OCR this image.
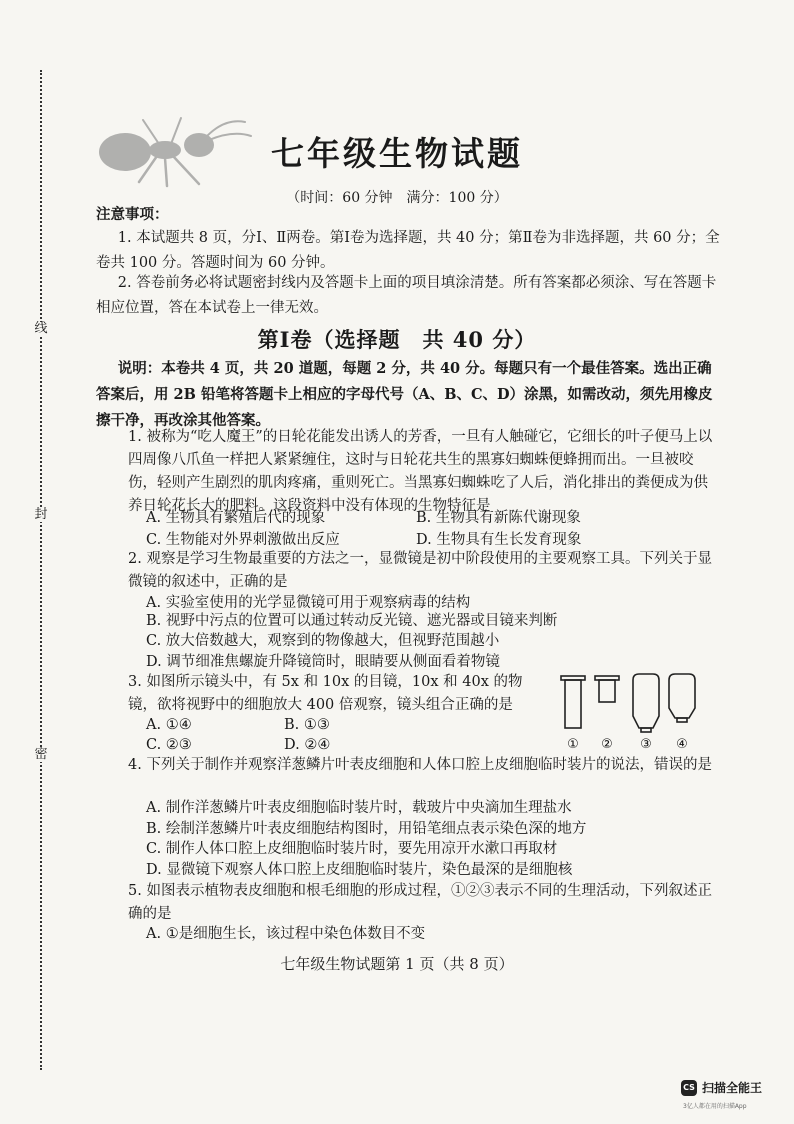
线
封
密
七年级生物试题
（时间：60 分钟　满分：100 分）

注意事项：

1. 本试题共 8 页，分Ⅰ、Ⅱ两卷。第Ⅰ卷为选择题，共 40 分；第Ⅱ卷为非选择题，共 60 分；全卷共 100 分。答题时间为 60 分钟。

2. 答卷前务必将试题密封线内及答题卡上面的项目填涂清楚。所有答案都必须涂、写在答题卡相应位置，答在本试卷上一律无效。

第Ⅰ卷（选择题　共 40 分）

说明：本卷共 4 页，共 20 道题，每题 2 分，共 40 分。每题只有一个最佳答案。选出正确答案后，用 2B 铅笔将答题卡上相应的字母代号（A、B、C、D）涂黑，如需改动，须先用橡皮擦干净，再改涂其他答案。

1. 被称为“吃人魔王”的日轮花能发出诱人的芳香，一旦有人触碰它，它细长的叶子便马上以四周像八爪鱼一样把人紧紧缠住，这时与日轮花共生的黑寡妇蜘蛛便蜂拥而出。一旦被咬伤，轻则产生剧烈的肌肉疼痛，重则死亡。当黑寡妇蜘蛛吃了人后，消化排出的粪便成为供养日轮花长大的肥料。这段资料中没有体现的生物特征是

A. 生物具有繁殖后代的现象	B. 生物具有新陈代谢现象
C. 生物能对外界刺激做出反应	D. 生物具有生长发育现象

2. 观察是学习生物最重要的方法之一，显微镜是初中阶段使用的主要观察工具。下列关于显微镜的叙述中，正确的是

A. 实验室使用的光学显微镜可用于观察病毒的结构
B. 视野中污点的位置可以通过转动反光镜、遮光器或目镜来判断
C. 放大倍数越大，观察到的物像越大，但视野范围越小
D. 调节细准焦螺旋升降镜筒时，眼睛要从侧面看着物镜

3. 如图所示镜头中，有 5x 和 10x 的目镜，10x 和 40x 的物镜，欲将视野中的细胞放大 400 倍观察，镜头组合正确的是

A. ①④	B. ①③
C. ②③	D. ②④	① ② ③ ④

4. 下列关于制作并观察洋葱鳞片叶表皮细胞和人体口腔上皮细胞临时装片的说法，错误的是

A. 制作洋葱鳞片叶表皮细胞临时装片时，载玻片中央滴加生理盐水
B. 绘制洋葱鳞片叶表皮细胞结构图时，用铅笔细点表示染色深的地方
C. 制作人体口腔上皮细胞临时装片时，要先用凉开水漱口再取材
D. 显微镜下观察人体口腔上皮细胞临时装片，染色最深的是细胞核

5. 如图表示植物表皮细胞和根毛细胞的形成过程，①②③表示不同的生理活动，下列叙述正确的是

A. ①是细胞生长，该过程中染色体数目不变
七年级生物试题第 1 页（共 8 页）
CS 扫描全能王
3亿人都在用的扫描App
